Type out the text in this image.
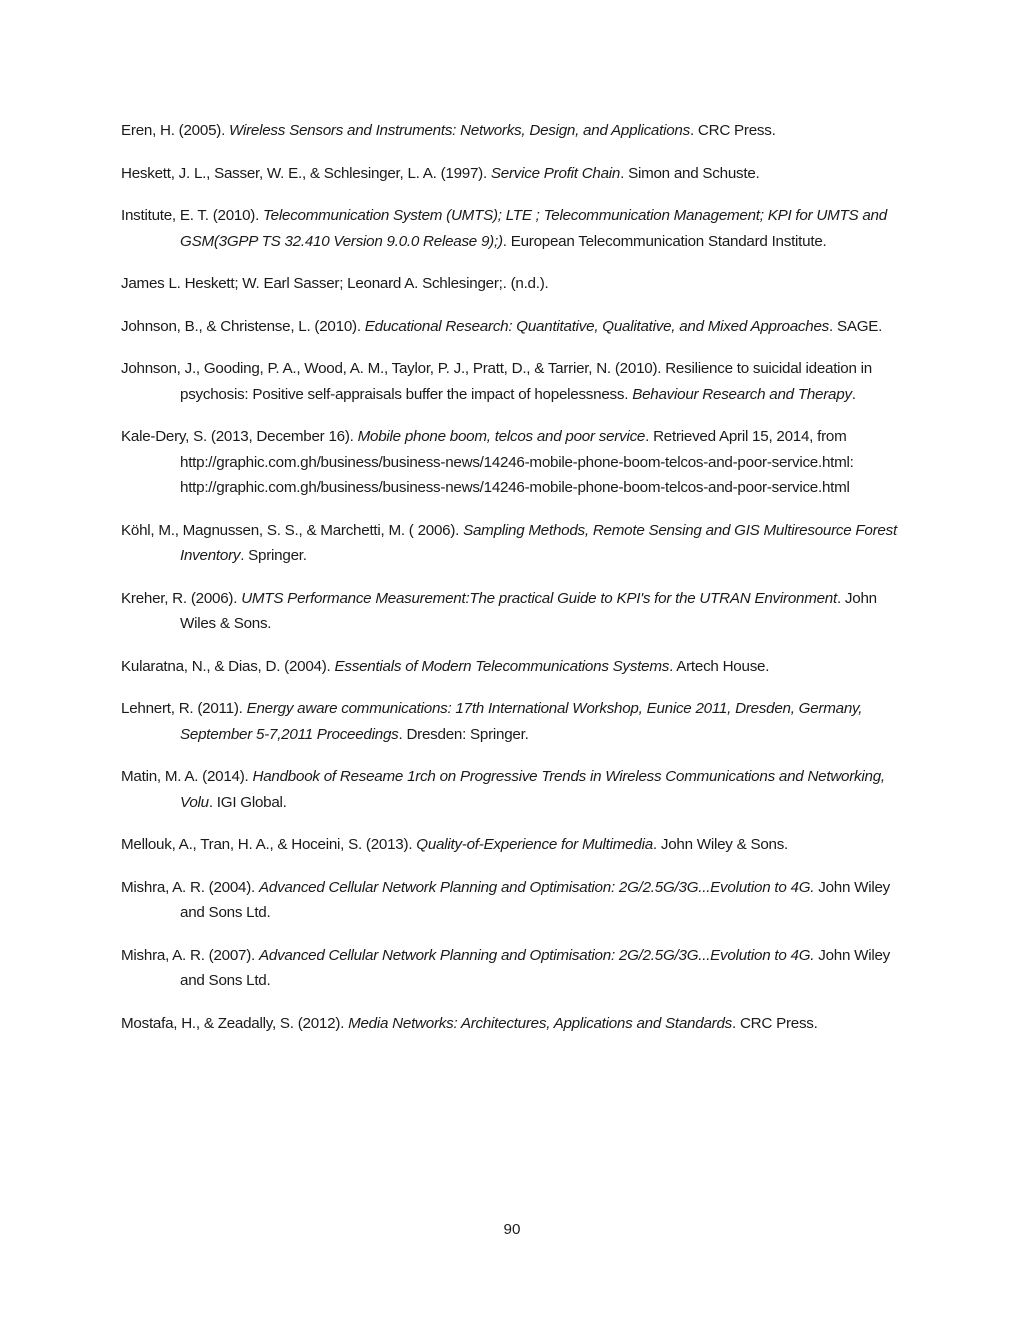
Eren, H. (2005). Wireless Sensors and Instruments: Networks, Design, and Applications. CRC Press.

Heskett, J. L., Sasser, W. E., & Schlesinger, L. A. (1997). Service Profit Chain. Simon and Schuste.

Institute, E. T. (2010). Telecommunication System (UMTS); LTE ; Telecommunication Management; KPI for UMTS and GSM(3GPP TS 32.410 Version 9.0.0 Release 9);). European Telecommunication Standard Institute.

James L. Heskett; W. Earl Sasser; Leonard A. Schlesinger;. (n.d.).

Johnson, B., & Christense, L. (2010). Educational Research: Quantitative, Qualitative, and Mixed Approaches. SAGE.

Johnson, J., Gooding, P. A., Wood, A. M., Taylor, P. J., Pratt, D., & Tarrier, N. (2010). Resilience to suicidal ideation in psychosis: Positive self-appraisals buffer the impact of hopelessness. Behaviour Research and Therapy.

Kale-Dery, S. (2013, December 16). Mobile phone boom, telcos and poor service. Retrieved April 15, 2014, from http://graphic.com.gh/business/business-news/14246-mobile-phone-boom-telcos-and-poor-service.html: http://graphic.com.gh/business/business-news/14246-mobile-phone-boom-telcos-and-poor-service.html

Köhl, M., Magnussen, S. S., & Marchetti, M. ( 2006). Sampling Methods, Remote Sensing and GIS Multiresource Forest Inventory. Springer.

Kreher, R. (2006). UMTS Performance Measurement:The practical Guide to KPI's for the UTRAN Environment. John Wiles & Sons.

Kularatna, N., & Dias, D. (2004). Essentials of Modern Telecommunications Systems. Artech House.

Lehnert, R. (2011). Energy aware communications: 17th International Workshop, Eunice 2011, Dresden, Germany, September 5-7,2011 Proceedings. Dresden: Springer.

Matin, M. A. (2014). Handbook of Reseame 1rch on Progressive Trends in Wireless Communications and Networking, Volu. IGI Global.

Mellouk, A., Tran, H. A., & Hoceini, S. (2013). Quality-of-Experience for Multimedia. John Wiley & Sons.

Mishra, A. R. (2004). Advanced Cellular Network Planning and Optimisation: 2G/2.5G/3G...Evolution to 4G. John Wiley and Sons Ltd.

Mishra, A. R. (2007). Advanced Cellular Network Planning and Optimisation: 2G/2.5G/3G...Evolution to 4G. John Wiley and Sons Ltd.

Mostafa, H., & Zeadally, S. (2012). Media Networks: Architectures, Applications and Standards. CRC Press.

90
